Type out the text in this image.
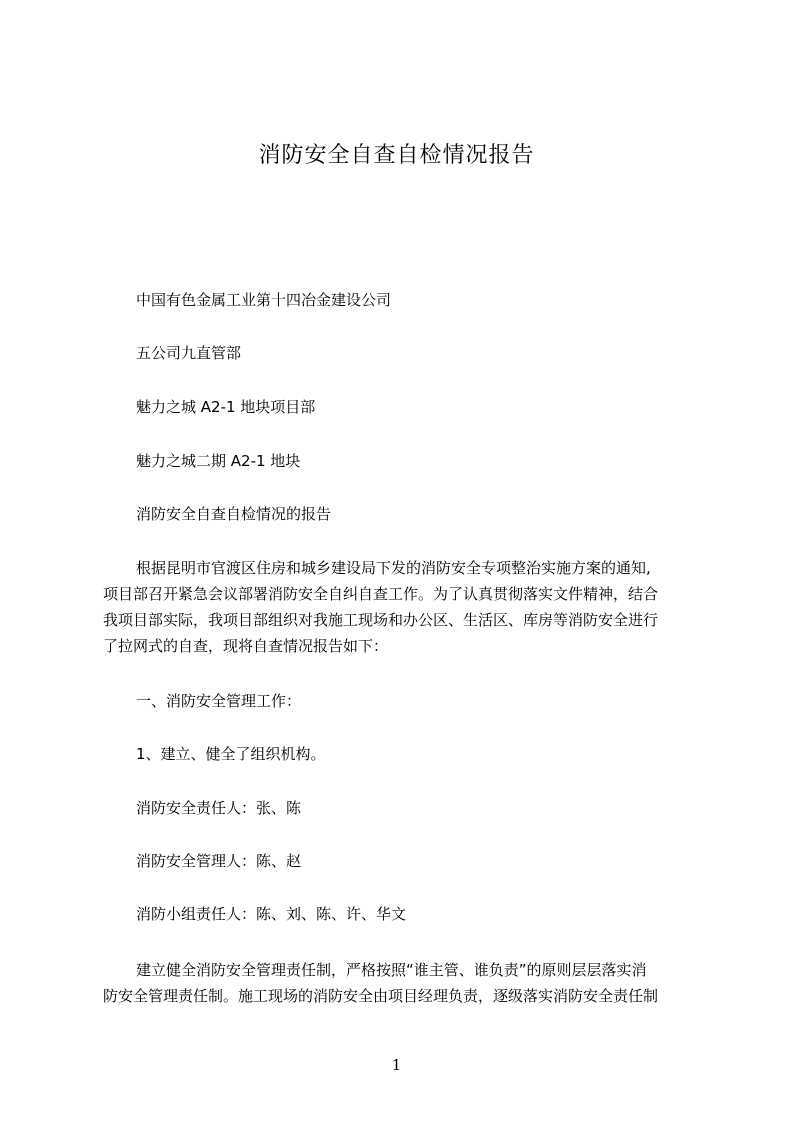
消防安全自查自检情况报告
中国有色金属工业第十四冶金建设公司
五公司九直管部
魅力之城 A2-1 地块项目部
魅力之城二期 A2-1 地块
消防安全自查自检情况的报告
根据昆明市官渡区住房和城乡建设局下发的消防安全专项整治实施方案的通知,
项目部召开紧急会议部署消防安全自纠自查工作。为了认真贯彻落实文件精神，结合
我项目部实际，我项目部组织对我施工现场和办公区、生活区、库房等消防安全进行
了拉网式的自查，现将自查情况报告如下：
一、消防安全管理工作：
1、建立、健全了组织机构。
消防安全责任人：张、陈
消防安全管理人：陈、赵
消防小组责任人：陈、刘、陈、许、华文
建立健全消防安全管理责任制，严格按照“谁主管、谁负责”的原则层层落实消
防安全管理责任制。施工现场的消防安全由项目经理负责，逐级落实消防安全责任制
1
